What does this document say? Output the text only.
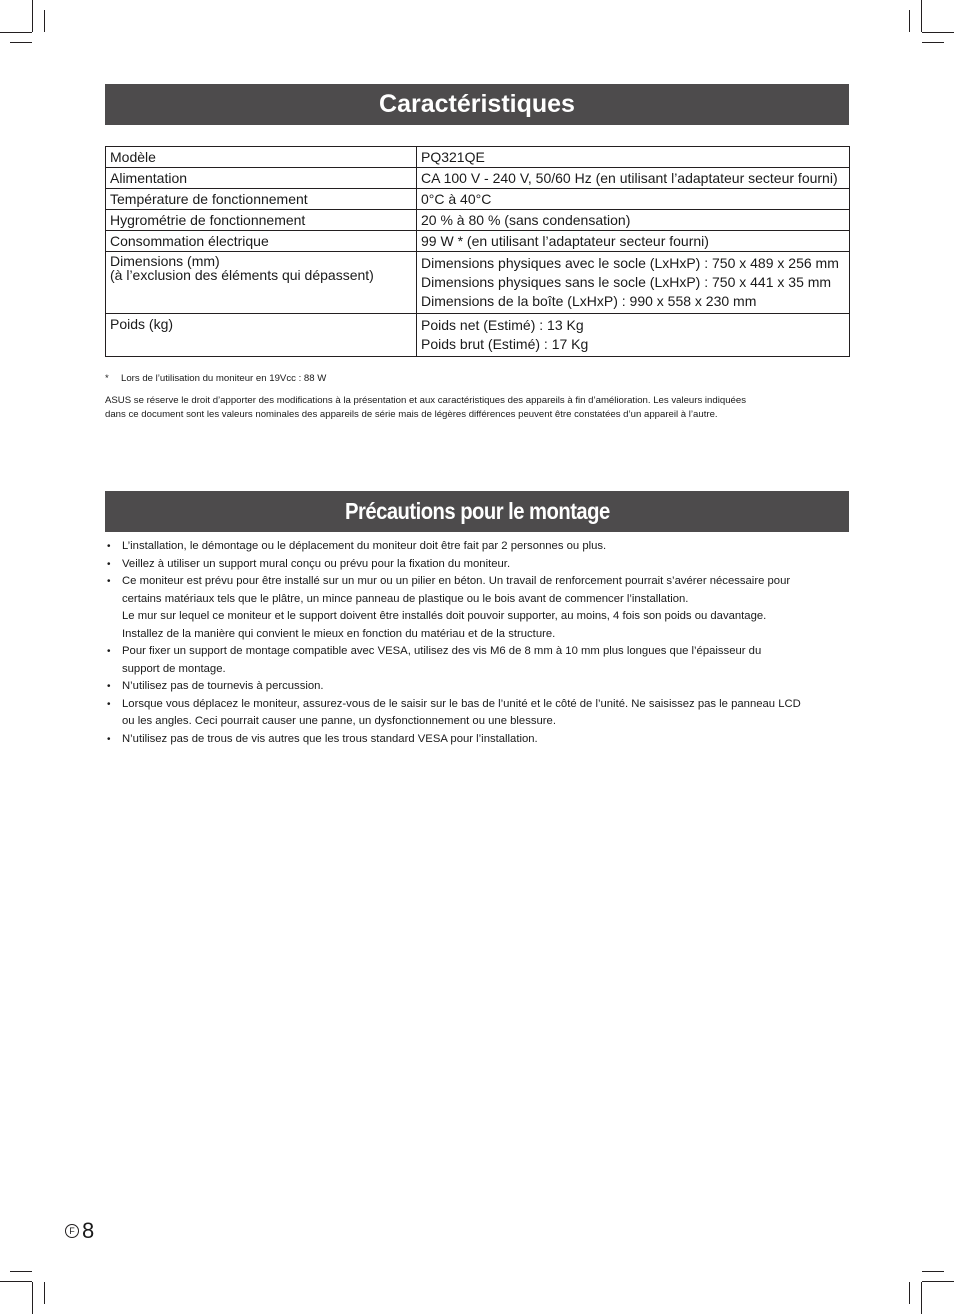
Caractéristiques
Modèle	PQ321QE

Alimentation	CA 100 V - 240 V, 50/60 Hz (en utilisant l’adaptateur secteur fourni)

Température de fonctionnement	0°C à 40°C

Hygrométrie de fonctionnement	20 % à 80 % (sans condensation)

Consommation électrique	99 W * (en utilisant l’adaptateur secteur fourni)

Dimensions (mm)
(à l’exclusion des éléments qui dépassent)	Dimensions physiques avec le socle (LxHxP) : 750 x 489 x 256 mm
Dimensions physiques sans le socle (LxHxP) : 750 x 441 x 35 mm
Dimensions de la boîte (LxHxP) : 990 x 558 x 230 mm

Poids (kg)	Poids net (Estimé) : 13 Kg
Poids brut (Estimé) : 17 Kg
* Lors de l’utilisation du moniteur en 19Vcc : 88 W
ASUS se réserve le droit d’apporter des modifications à la présentation et aux caractéristiques des appareils à fin d’amélioration. Les valeurs indiquées
dans ce document sont les valeurs nominales des appareils de série mais de légères différences peuvent être constatées d’un appareil à l’autre.
Précautions pour le montage
• L’installation, le démontage ou le déplacement du moniteur doit être fait par 2 personnes ou plus.
• Veillez à utiliser un support mural conçu ou prévu pour la fixation du moniteur.
• Ce moniteur est prévu pour être installé sur un mur ou un pilier en béton. Un travail de renforcement pourrait s’avérer nécessaire pour
certains matériaux tels que le plâtre, un mince panneau de plastique ou le bois avant de commencer l’installation.
Le mur sur lequel ce moniteur et le support doivent être installés doit pouvoir supporter, au moins, 4 fois son poids ou davantage.
Installez de la manière qui convient le mieux en fonction du matériau et de la structure.
• Pour fixer un support de montage compatible avec VESA, utilisez des vis M6 de 8 mm à 10 mm plus longues que l’épaisseur du
support de montage.
• N’utilisez pas de tournevis à percussion.
• Lorsque vous déplacez le moniteur, assurez-vous de le saisir sur le bas de l’unité et le côté de l’unité. Ne saisissez pas le panneau LCD
ou les angles. Ceci pourrait causer une panne, un dysfonctionnement ou une blessure.
• N’utilisez pas de trous de vis autres que les trous standard VESA pour l’installation.
F 8
